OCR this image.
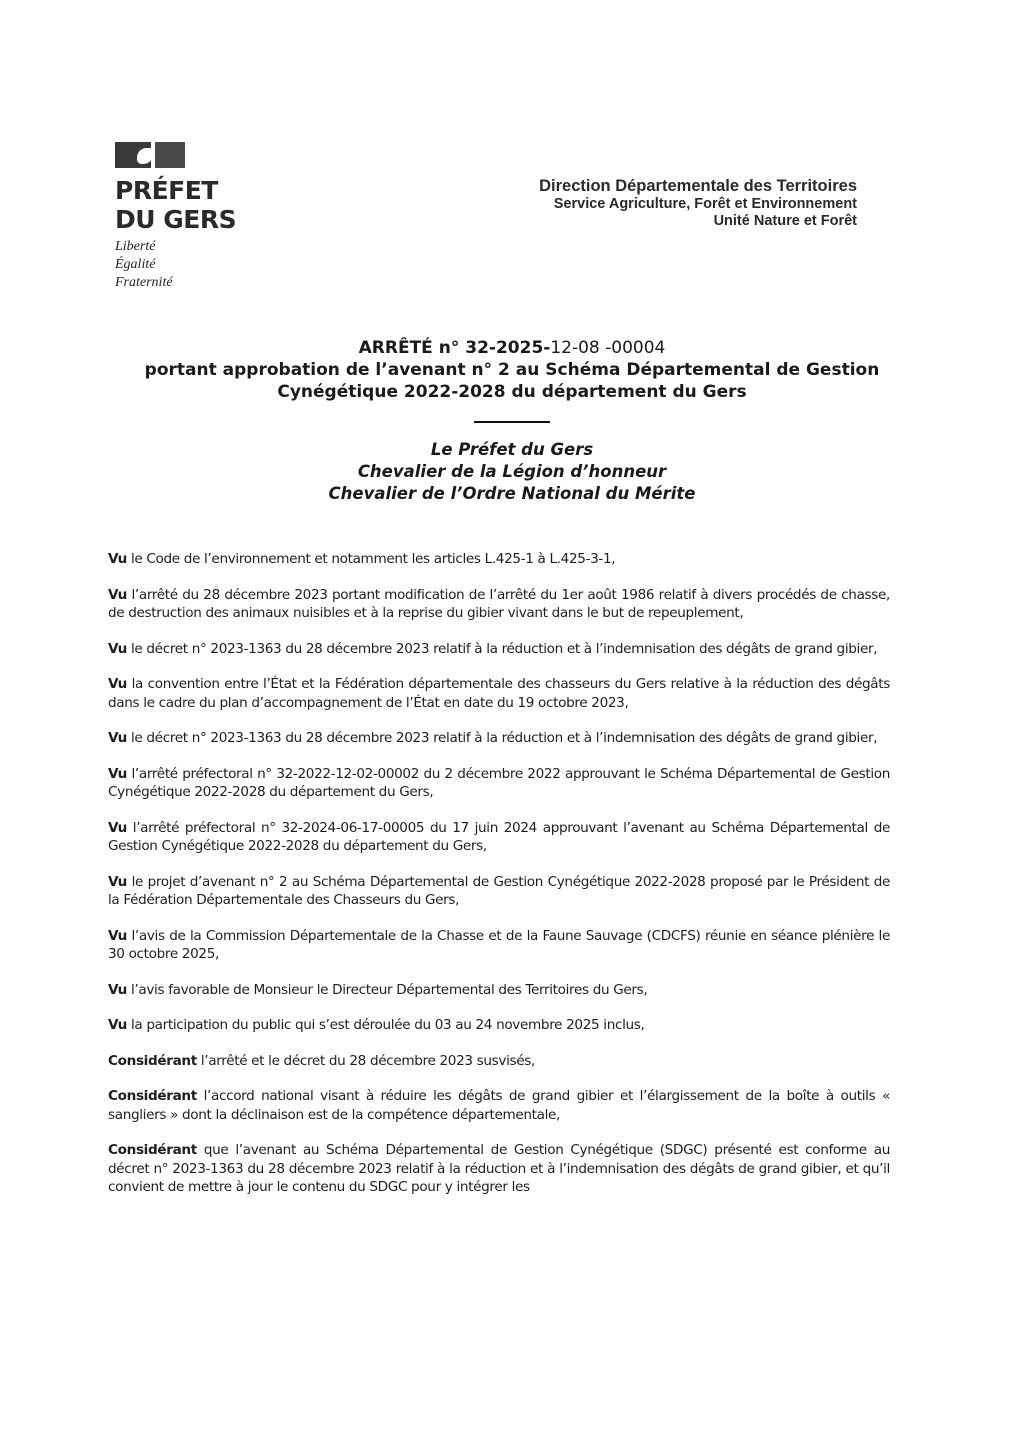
PRÉFET
DU GERS
Liberté
Égalité
Fraternité
Direction Départementale des Territoires
Service Agriculture, Forêt et Environnement
Unité Nature et Forêt
ARRÊTÉ n° 32-2025-12-08 -00004
portant approbation de l’avenant n° 2 au Schéma Départemental de Gestion
Cynégétique 2022-2028 du département du Gers
Le Préfet du Gers
Chevalier de la Légion d’honneur
Chevalier de l’Ordre National du Mérite

Vu le Code de l’environnement et notamment les articles L.425-1 à L.425-3-1,

Vu l’arrêté du 28 décembre 2023 portant modification de l’arrêté du 1er août 1986 relatif à divers procédés de chasse, de destruction des animaux nuisibles et à la reprise du gibier vivant dans le but de repeuplement,

Vu le décret n° 2023-1363 du 28 décembre 2023 relatif à la réduction et à l’indemnisation des dégâts de grand gibier,

Vu la convention entre l’État et la Fédération départementale des chasseurs du Gers relative à la réduction des dégâts dans le cadre du plan d’accompagnement de l’État en date du 19 octobre 2023,

Vu le décret n° 2023-1363 du 28 décembre 2023 relatif à la réduction et à l’indemnisation des dégâts de grand gibier,

Vu l’arrêté préfectoral n° 32-2022-12-02-00002 du 2 décembre 2022 approuvant le Schéma Départemental de Gestion Cynégétique 2022-2028 du département du Gers,

Vu l’arrêté préfectoral n° 32-2024-06-17-00005 du 17 juin 2024 approuvant l’avenant au Schéma Départemental de Gestion Cynégétique 2022-2028 du département du Gers,

Vu le projet d’avenant n° 2 au Schéma Départemental de Gestion Cynégétique 2022-2028 proposé par le Président de la Fédération Départementale des Chasseurs du Gers,

Vu l’avis de la Commission Départementale de la Chasse et de la Faune Sauvage (CDCFS) réunie en séance plénière le 30 octobre 2025,

Vu l’avis favorable de Monsieur le Directeur Départemental des Territoires du Gers,

Vu la participation du public qui s’est déroulée du 03 au 24 novembre 2025 inclus,

Considérant l’arrêté et le décret du 28 décembre 2023 susvisés,

Considérant l’accord national visant à réduire les dégâts de grand gibier et l’élargissement de la boîte à outils « sangliers » dont la déclinaison est de la compétence départementale,

Considérant que l’avenant au Schéma Départemental de Gestion Cynégétique (SDGC) présenté est conforme au décret n° 2023-1363 du 28 décembre 2023 relatif à la réduction et à l’indemnisation des dégâts de grand gibier, et qu’il convient de mettre à jour le contenu du SDGC pour y intégrer les
